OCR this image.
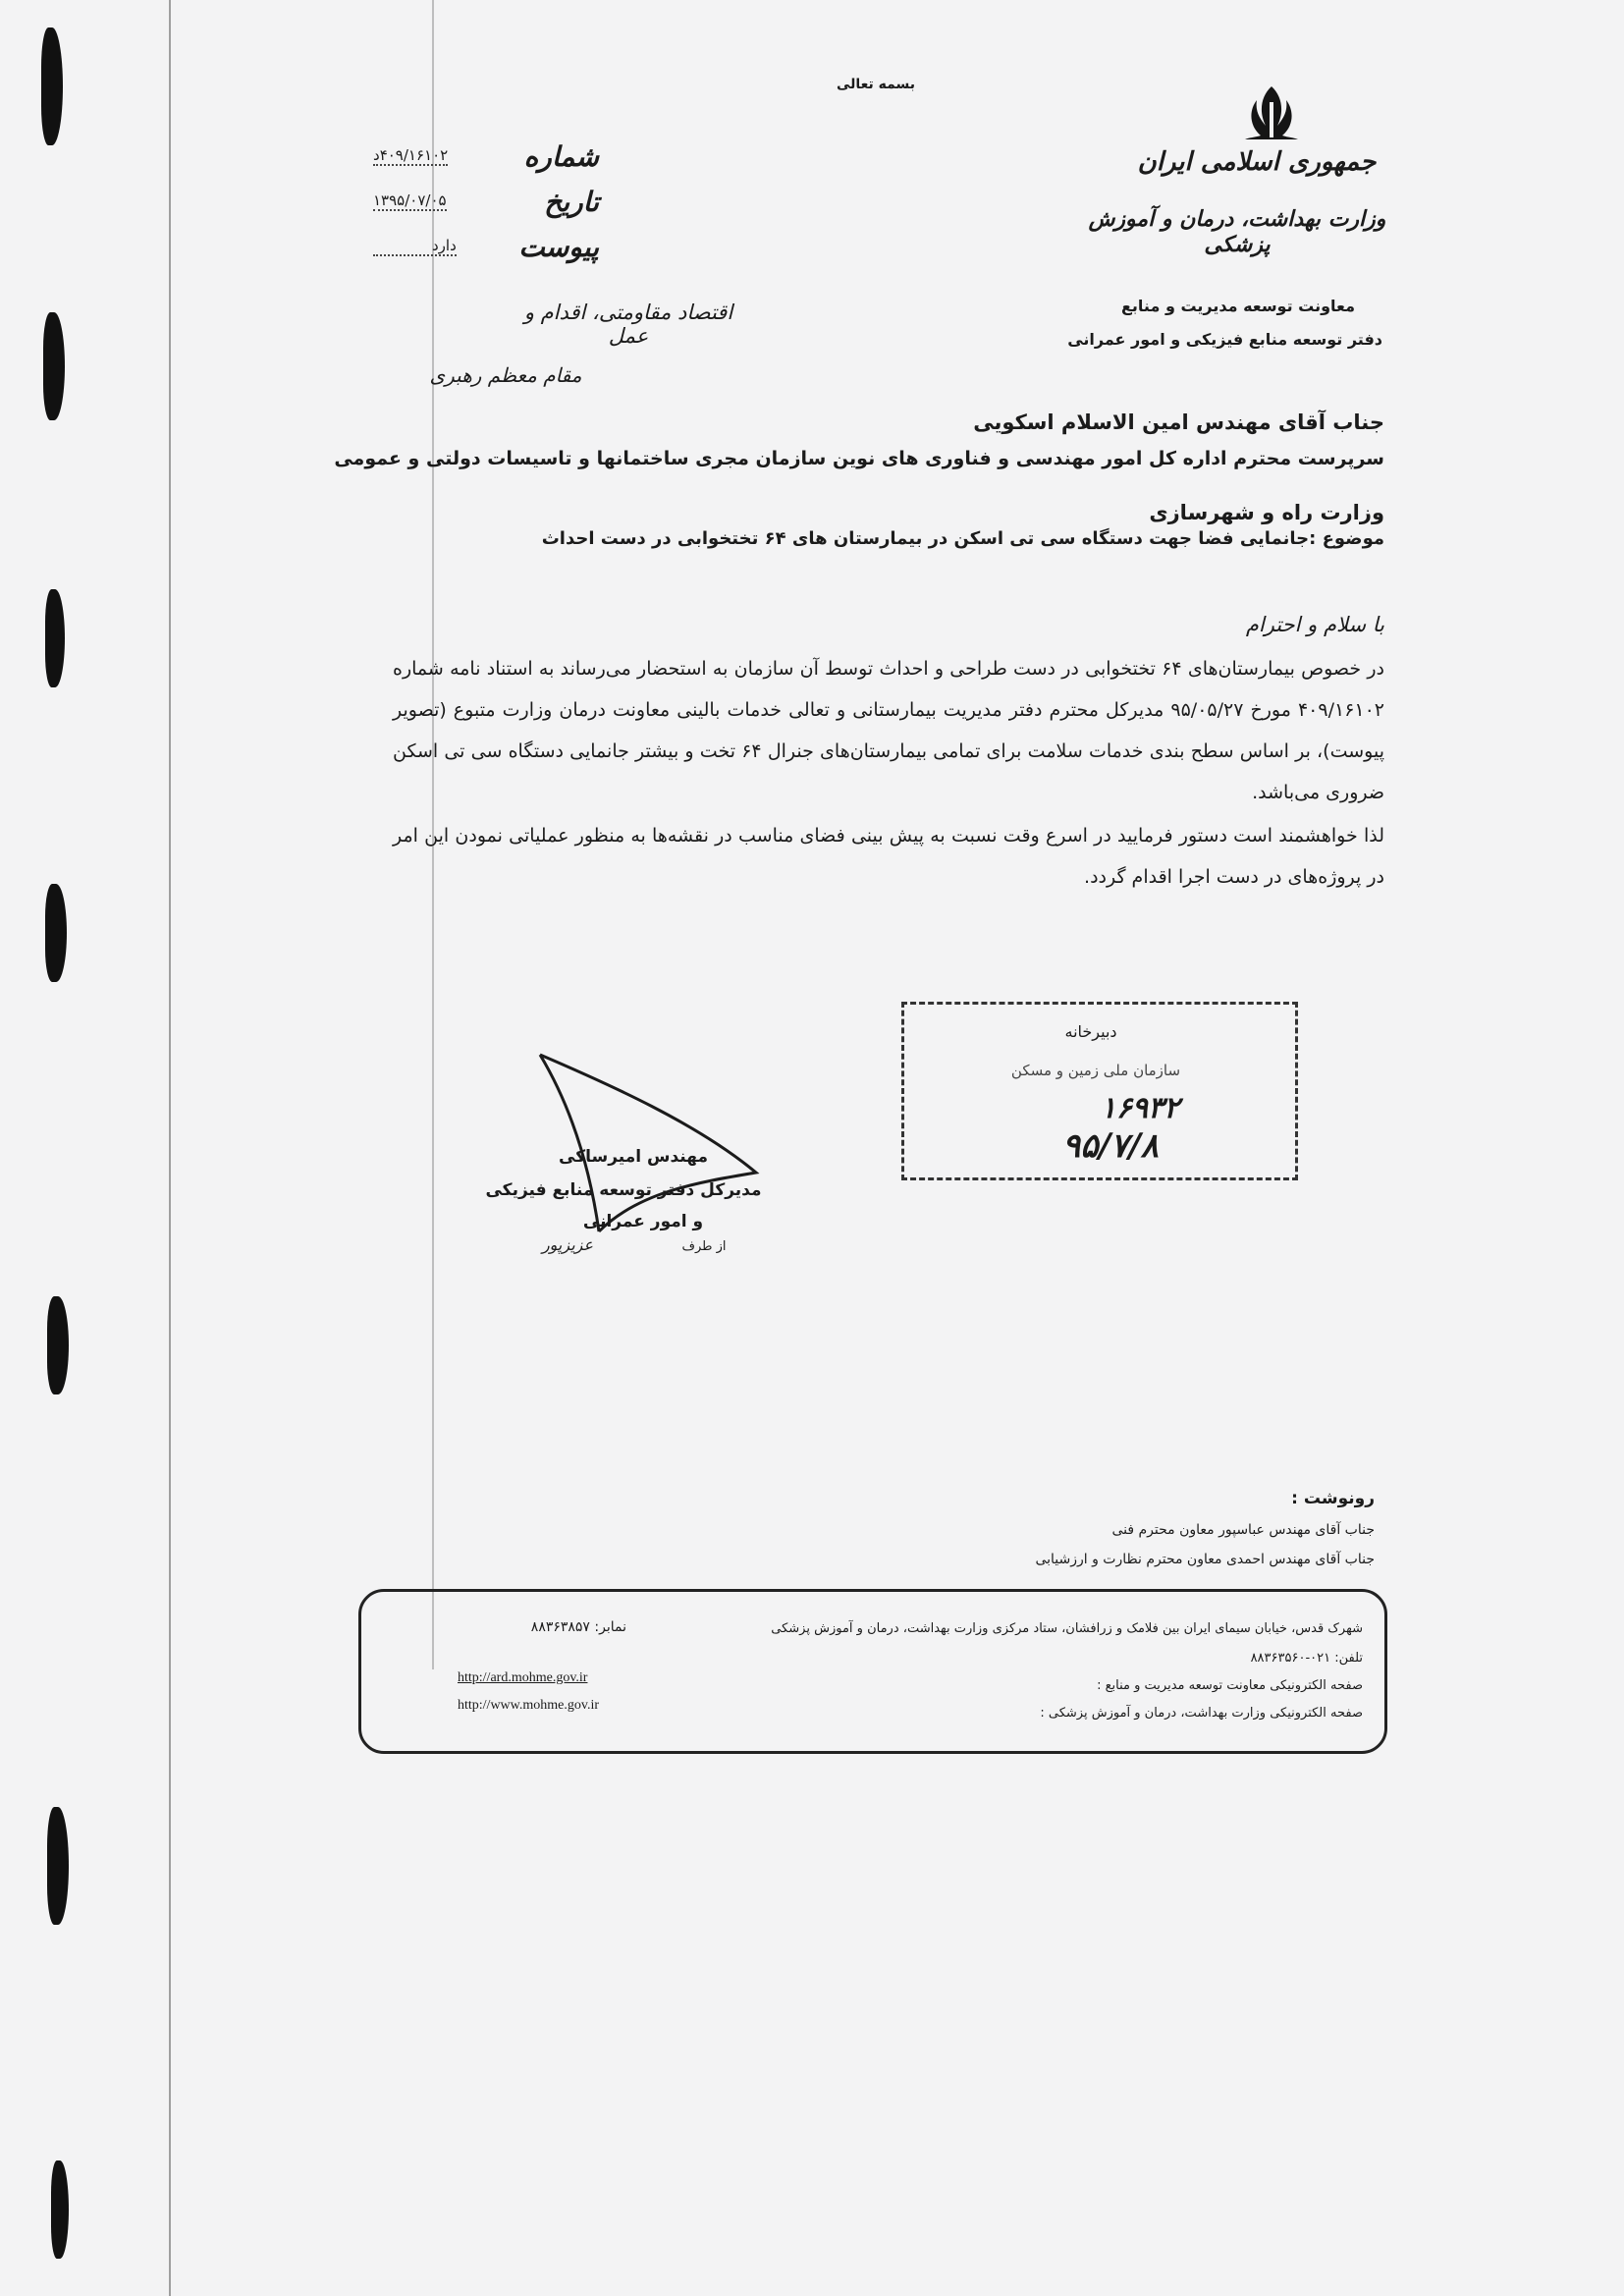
بسمه تعالی
جمهوری اسلامی ایران
وزارت بهداشت، درمان و آموزش پزشکی
معاونت توسعه مدیریت و منابع
دفتر توسعه منابع فیزیکی و امور عمرانی
شماره
۴۰۹/۱۶۱۰۲د
تاریخ
۱۳۹۵/۰۷/۰۵
پیوست
دارد
اقتصاد مقاومتی، اقدام و عمل
مقام معظم رهبری
جناب آقای مهندس امین الاسلام اسکویی
سرپرست محترم اداره کل امور مهندسی و فناوری های نوین سازمان مجری ساختمانها و تاسیسات دولتی و عمومی
وزارت راه و شهرسازی
موضوع :جانمایی فضا جهت دستگاه سی تی اسکن در بیمارستان های ۶۴ تختخوابی در دست احداث
با سلام و احترام
در خصوص بیمارستان‌های ۶۴ تختخوابی در دست طراحی و احداث توسط آن سازمان به استحضار می‌رساند به استناد نامه شماره ۴۰۹/۱۶۱۰۲ مورخ ۹۵/۰۵/۲۷ مدیرکل محترم دفتر مدیریت بیمارستانی و تعالی خدمات بالینی معاونت درمان وزارت متبوع (تصویر پیوست)، بر اساس سطح بندی خدمات سلامت برای تمامی بیمارستان‌های جنرال ۶۴ تخت و بیشتر جانمایی دستگاه سی تی اسکن ضروری می‌باشد.
لذا خواهشمند است دستور فرمایید در اسرع وقت نسبت به پیش بینی فضای مناسب در نقشه‌ها به منظور عملیاتی نمودن این امر در پروژه‌های در دست اجرا اقدام گردد.
دبیرخانه
سازمان ملی زمین و مسکن
۱۶۹۳۲
۹۵/۷/۸
مهندس امیرساکی
مدیرکل دفتر توسعه منابع فیزیکی
و امور عمرانی
از طرف
عزیزپور
رونوشت :
جناب آقای مهندس عباسپور معاون محترم فنی
جناب آقای مهندس احمدی معاون محترم نظارت و ارزشیابی
شهرک قدس، خیابان سیمای ایران بین فلامک و زرافشان، ستاد مرکزی وزارت بهداشت، درمان و آموزش پزشکی
تلفن: ۰۲۱-۸۸۳۶۳۵۶۰
صفحه الکترونیکی معاونت توسعه مدیریت و منابع :
صفحه الکترونیکی وزارت بهداشت، درمان و آموزش پزشکی :
نمابر: ۸۸۳۶۳۸۵۷
http://ard.mohme.gov.ir
http://www.mohme.gov.ir
